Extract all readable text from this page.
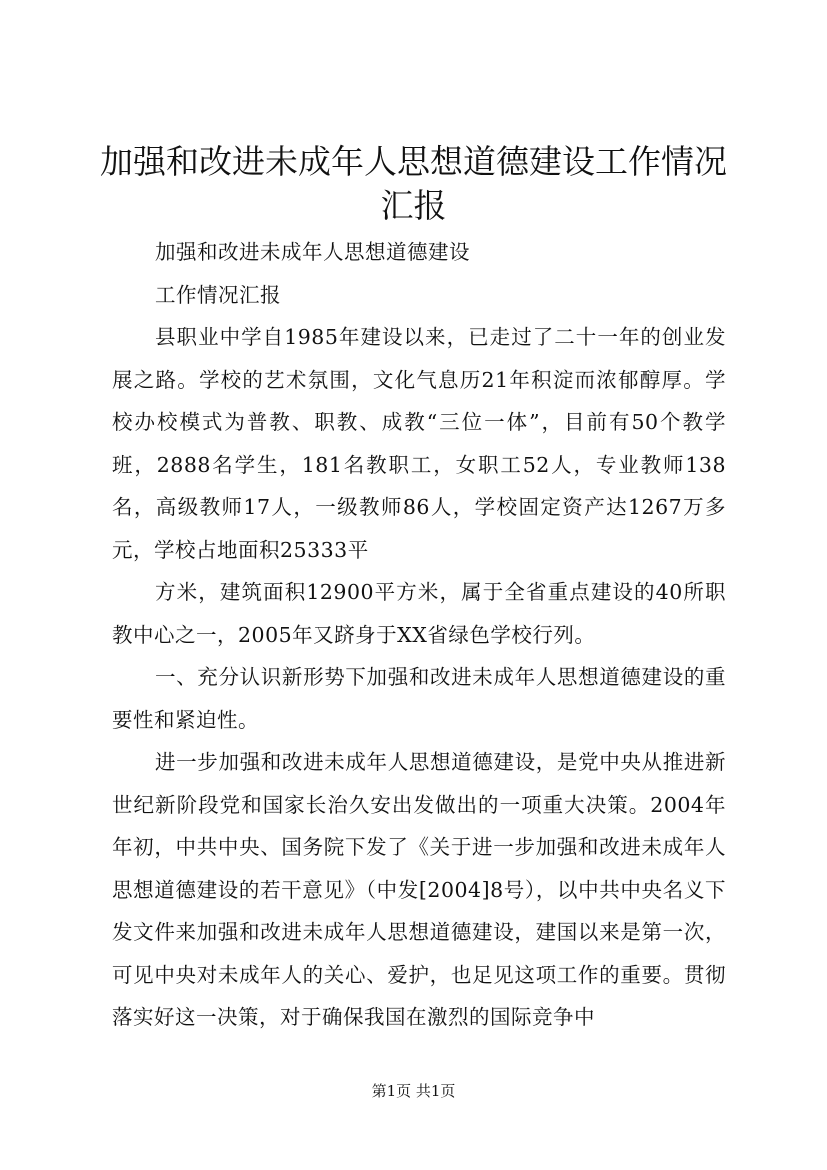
加强和改进未成年人思想道德建设工作情况汇报

加强和改进未成年人思想道德建设

工作情况汇报

县职业中学自1985年建设以来，已走过了二十一年的创业发展之路。学校的艺术氛围，文化气息历21年积淀而浓郁醇厚。学校办校模式为普教、职教、成教“三位一体”，目前有50个教学班，2888名学生，181名教职工，女职工52人，专业教师138名，高级教师17人，一级教师86人，学校固定资产达1267万多元，学校占地面积25333平

方米，建筑面积12900平方米，属于全省重点建设的40所职教中心之一，2005年又跻身于XX省绿色学校行列。

一、充分认识新形势下加强和改进未成年人思想道德建设的重要性和紧迫性。

进一步加强和改进未成年人思想道德建设，是党中央从推进新世纪新阶段党和国家长治久安出发做出的一项重大决策。2004年年初，中共中央、国务院下发了《关于进一步加强和改进未成年人思想道德建设的若干意见》（中发[2004]8号），以中共中央名义下发文件来加强和改进未成年人思想道德建设，建国以来是第一次，可见中央对未成年人的关心、爱护，也足见这项工作的重要。贯彻落实好这一决策，对于确保我国在激烈的国际竞争中

第1页 共1页
